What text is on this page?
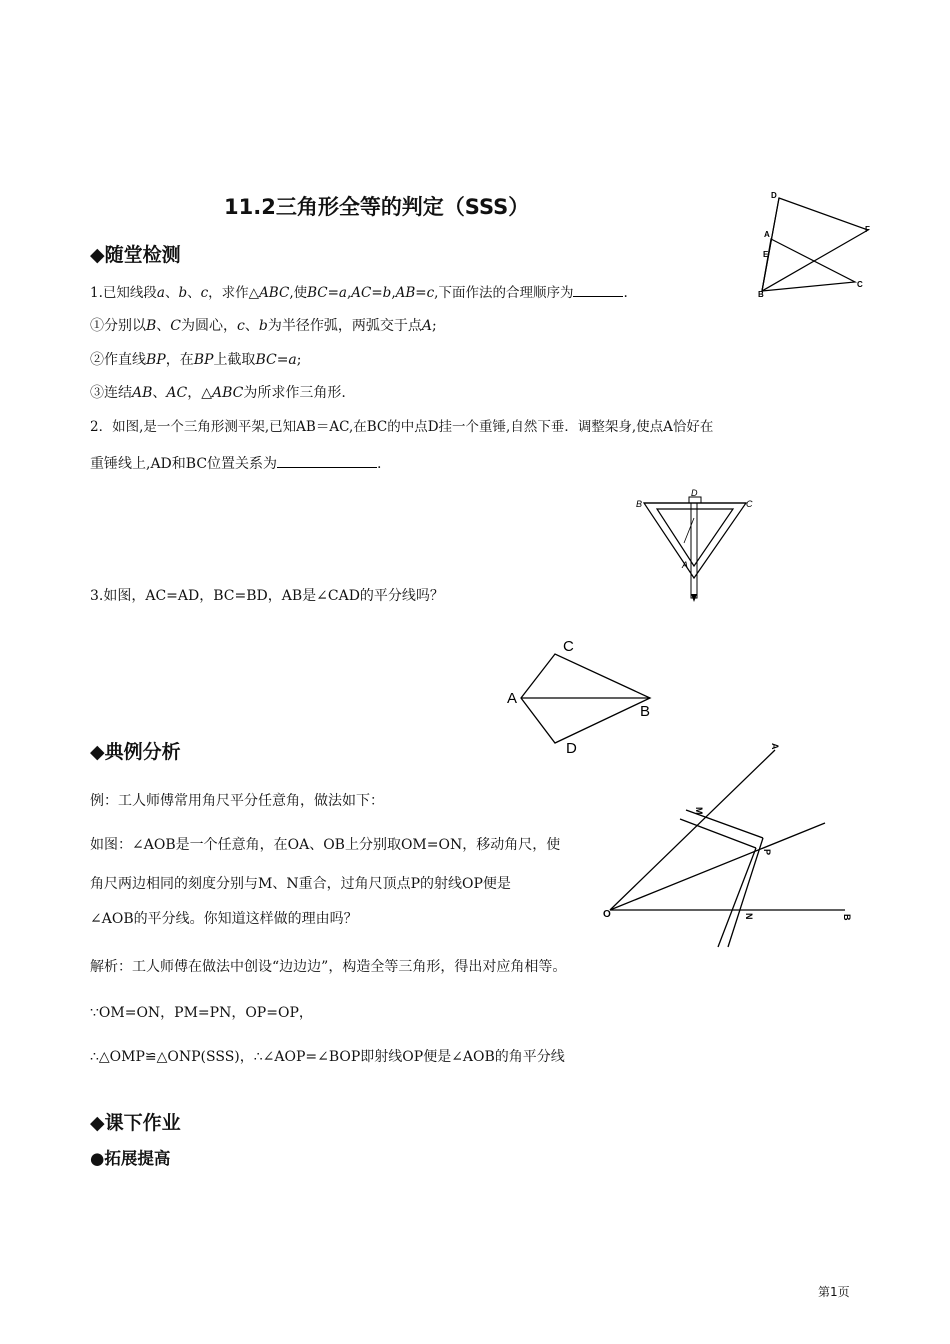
11.2三角形全等的判定（SSS）	D
A
E
F
B
C
◆随堂检测
1.已知线段a、b、c，求作△ABC,使BC=a,AC=b,AB=c,下面作法的合理顺序为	.
①分别以B、C为圆心，c、b为半径作弧，两弧交于点A;
②作直线BP，在BP上截取BC=a;
③连结AB、AC，△ABC为所求作三角形.
2．如图,是一个三角形测平架,已知AB＝AC,在BC的中点D挂一个重锤,自然下垂．调整架身,使点A恰好在
重锤线上,AD和BC位置关系为	.
B
D
C
A
3.如图，AC=AD，BC=BD，AB是∠CAD的平分线吗？
C
A
B
D
◆典例分析
例：工人师傅常用角尺平分任意角，做法如下：
如图：∠AOB是一个任意角，在OA、OB上分别取OM=ON，移动角尺，使
角尺两边相同的刻度分别与M、N重合，过角尺顶点P的射线OP便是
∠AOB的平分线。你知道这样做的理由吗？
解析：工人师傅在做法中创设“边边边”，构造全等三角形，得出对应角相等。
∵OM=ON，PM=PN，OP=OP，
∴△OMP≌△ONP(SSS)，∴∠AOP=∠BOP即射线OP便是∠AOB的角平分线
A
M
P
O	N	B
◆课下作业
●拓展提高
第1页
